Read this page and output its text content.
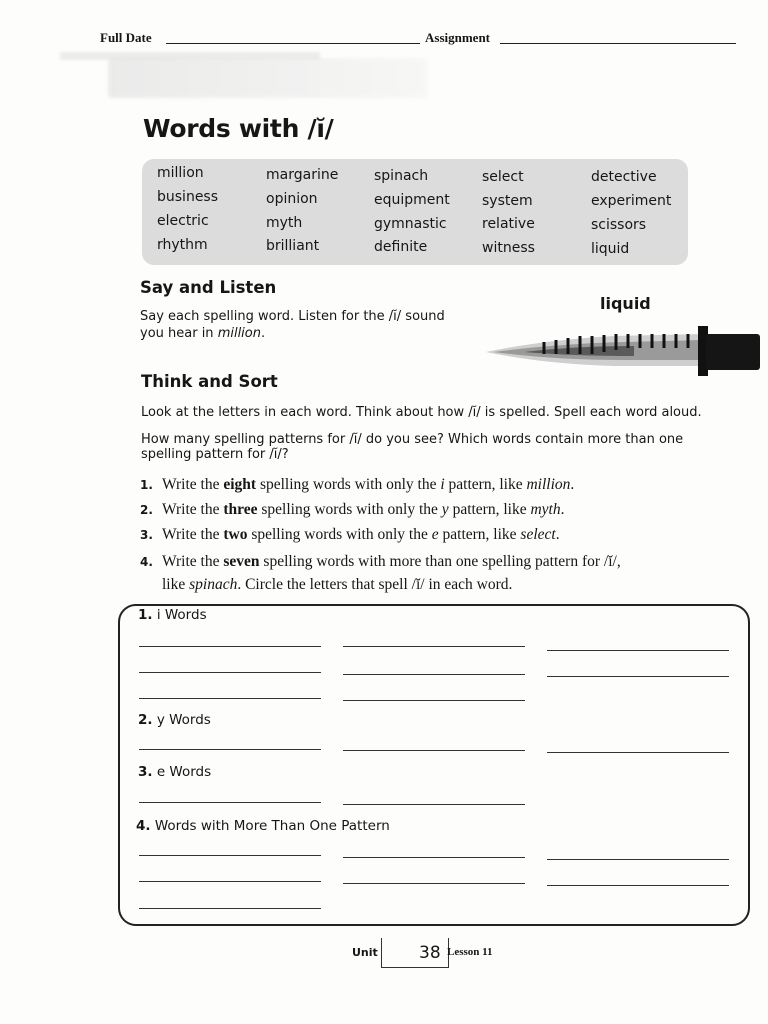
Full Date	Assignment
Words with /ĭ/
million
business
electric
rhythm
margarine
opinion
myth
brilliant
spinach
equipment
gymnastic
definite
select
system
relative
witness
detective
experiment
scissors
liquid
Say and Listen
Say each spelling word. Listen for the /ĭ/ sound
you hear in million.
liquid
Think and Sort
Look at the letters in each word. Think about how /ĭ/ is spelled. Spell each word aloud.
How many spelling patterns for /ĭ/ do you see? Which words contain more than one
spelling pattern for /ĭ/?
1. Write the eight spelling words with only the i pattern, like million.
2. Write the three spelling words with only the y pattern, like myth.
3. Write the two spelling words with only the e pattern, like select.
4. Write the seven spelling words with more than one spelling pattern for /ĭ/,
like spinach. Circle the letters that spell /ĭ/ in each word.
1. i Words
2. y Words
3. e Words
4. Words with More Than One Pattern
Unit 38 Lesson 11
